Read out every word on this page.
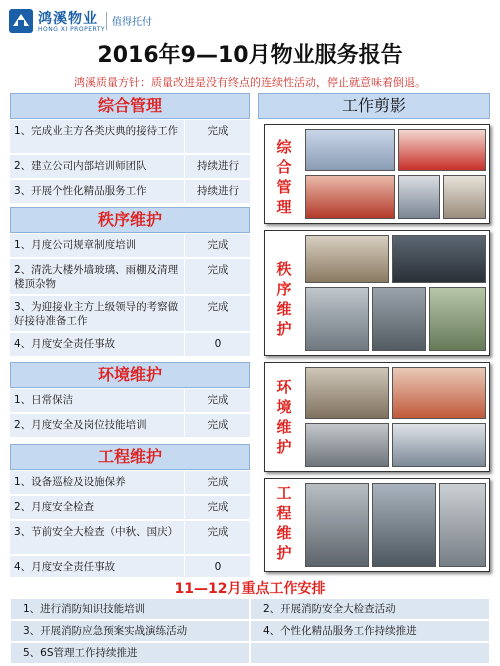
鸿溪物业
HONG XI PROPERTY
值得托付
2016年9—10月物业服务报告
鸿溪质量方针：质量改进是没有终点的连续性活动，停止就意味着倒退。
综合管理
1、完成业主方各类庆典的接待工作	完成
2、建立公司内部培训师团队	持续进行
3、开展个性化精品服务工作	持续进行
秩序维护
1、月度公司规章制度培训	完成
2、清洗大楼外墙玻璃、雨棚及清理楼顶杂物
完成
3、为迎接业主方上级领导的考察做好接待准备工作
完成
4、月度安全责任事故	0
环境维护
1、日常保洁	完成
2、月度安全及岗位技能培训	完成
工程维护
1、设备巡检及设施保养	完成
2、月度安全检查	完成
3、节前安全大检查（中秋、国庆）	完成
4、月度安全责任事故	0
工作剪影
综合管理
秩序维护
环境维护
工程维护
11—12月重点工作安排
1、进行消防知识技能培训	2、开展消防安全大检查活动
3、开展消防应急预案实战演练活动	4、个性化精品服务工作持续推进
5、6S管理工作持续推进
